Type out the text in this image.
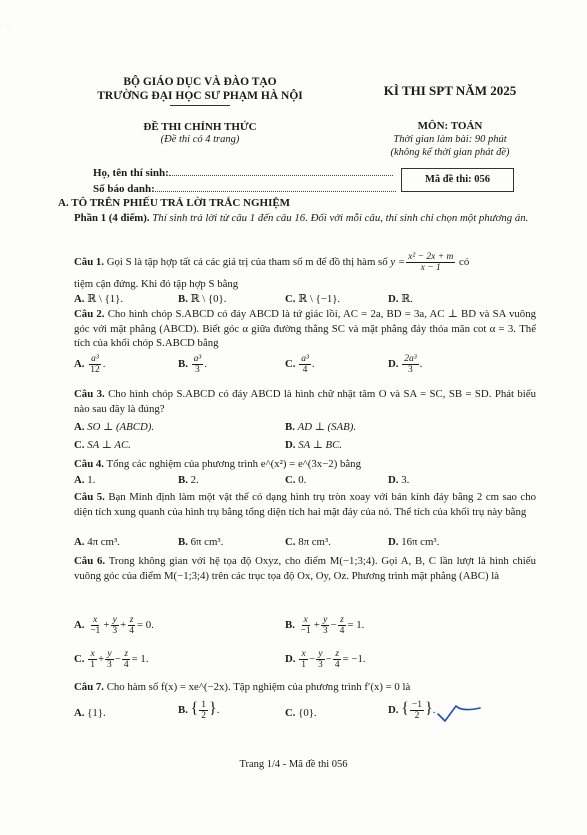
·
BỘ GIÁO DỤC VÀ ĐÀO TẠO
TRƯỜNG ĐẠI HỌC SƯ PHẠM HÀ NỘI	KÌ THI SPT NĂM 2025
ĐỀ THI CHÍNH THỨC
(Đề thi có 4 trang)
MÔN: TOÁN
Thời gian làm bài: 90 phút
(không kể thời gian phát đề)
Họ, tên thí sinh:
Số báo danh:
Mã đề thi: 056
A. TÔ TRÊN PHIẾU TRẢ LỜI TRẮC NGHIỆM
Phần 1 (4 điểm). Thí sinh trả lời từ câu 1 đến câu 16. Đối với mỗi câu, thí sinh chỉ chọn một phương án.
Câu 1. Gọi S là tập hợp tất cả các giá trị của tham số m để đồ thị hàm số $y = \frac{\text{x² − 2x + m}}{x - 1}$ có
tiệm cận đứng. Khi đó tập hợp S bằng
A. ℝ \ {1}.	B. ℝ \ {0}.	C. ℝ \ {−1}.	D. ℝ.
Câu 2. Cho hình chóp S.ABCD có đáy ABCD là tứ giác lồi, AC = 2a, BD = 3a, AC ⊥ BD và SA vuông góc với mặt phẳng (ABCD). Biết góc α giữa đường thẳng SC và mặt phẳng đáy thỏa mãn cot α = 3. Thể tích của khối chóp S.ABCD bằng
A. $\frac{\text{a³}}{12}$ .	B. $\frac{\text{a³}}{3}$ .	C. $\frac{\text{a³}}{4}$ .	D. $\frac{\text{2a³}}{3}$ .
Câu 3. Cho hình chóp S.ABCD có đáy ABCD là hình chữ nhật tâm O và SA = SC, SB = SD. Phát biểu nào sau đây là đúng?
A. SO ⊥ (ABCD).	B. AD ⊥ (SAB).
C. SA ⊥ AC.	D. SA ⊥ BC.
Câu 4. Tổng các nghiệm của phương trình e^(x²) = e^(3x−2) bằng
A. 1.	B. 2.	C. 0.	D. 3.
Câu 5. Bạn Minh định làm một vật thể có dạng hình trụ tròn xoay với bán kính đáy bằng 2 cm sao cho diện tích xung quanh của hình trụ bằng tổng diện tích hai mặt đáy của nó. Thể tích của khối trụ này bằng
A. 4π cm³.	B. 6π cm³.	C. 8π cm³.	D. 16π cm³.
Câu 6. Trong không gian với hệ tọa độ Oxyz, cho điểm M(−1;3;4). Gọi A, B, C lần lượt là hình chiếu vuông góc của điểm M(−1;3;4) trên các trục tọa độ Ox, Oy, Oz. Phương trình mặt phẳng (ABC) là
A. $\frac{x}{-1} + \frac{y}{3} + \frac{z}{4} = 0$.	B. $\frac{x}{-1} + \frac{y}{3} - \frac{z}{4} = 1$.
C. $\frac{x}{1} + \frac{y}{3} - \frac{z}{4} = 1$.	D. $\frac{x}{1} - \frac{y}{3} - \frac{z}{4} = -1$.
Câu 7. Cho hàm số f(x) = xe^(−2x). Tập nghiệm của phương trình f′(x) = 0 là
A. {1}.	B. { $\frac{1}{2}$ }.	C. {0}.	D. { $\frac{-1}{2}$ }.
Trang 1/4 - Mã đề thi 056
